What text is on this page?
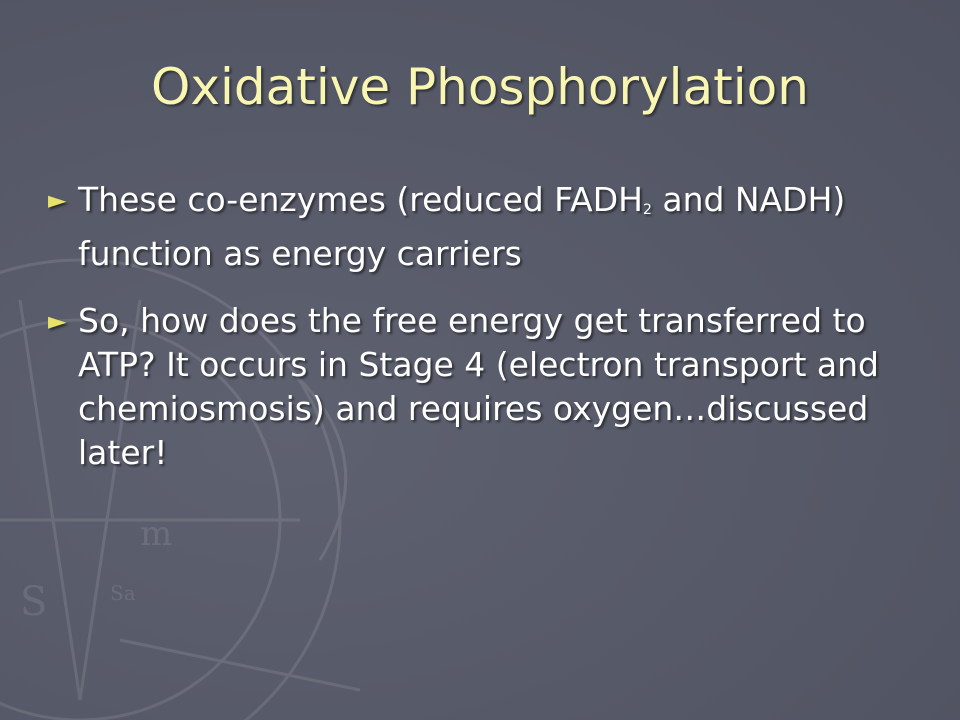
S
m
Sa
Oxidative Phosphorylation
► These co-enzymes (reduced FADH2 and NADH) function as energy carriers
► So, how does the free energy get transferred to ATP? It occurs in Stage 4 (electron transport and chemiosmosis) and requires oxygen…discussed later!
